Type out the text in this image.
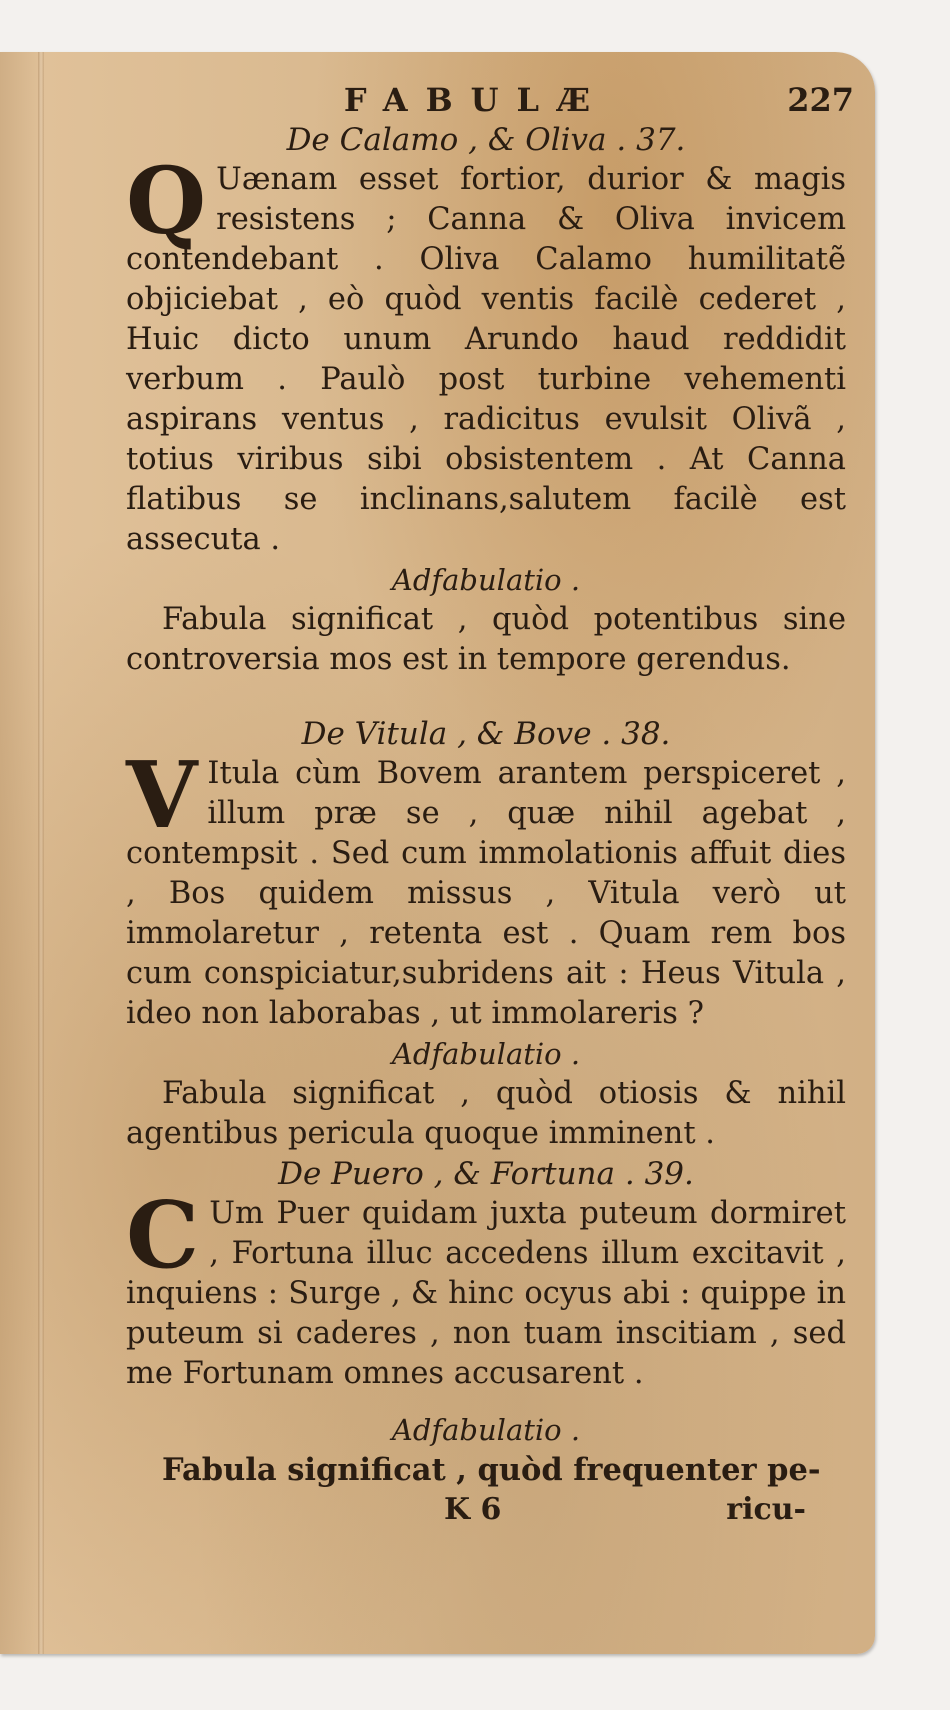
FABULÆ	227
De Calamo , & Oliva . 37.

Q Uænam esset fortior, durior & magis resistens ; Canna & Oliva invicem contendebant . Oliva Calamo humilitatẽ objiciebat , eò quòd ventis facilè cederet , Huic dicto unum Arundo haud reddidit verbum . Paulò post turbine vehementi aspirans ventus , radicitus evulsit Olivã , totius viribus sibi obsistentem . At Canna flatibus se inclinans,salutem facilè est assecuta .

Adfabulatio .

Fabula significat , quòd potentibus sine controversia mos est in tempore gerendus.

De Vitula , & Bove . 38.

V Itula cùm Bovem arantem perspiceret , illum præ se , quæ nihil agebat , contempsit . Sed cum immolationis affuit dies , Bos quidem missus , Vitula verò ut immolaretur , retenta est . Quam rem bos cum conspiciatur,subridens ait : Heus Vitula , ideo non laborabas , ut immolareris ?

Adfabulatio .

Fabula significat , quòd otiosis & nihil agentibus pericula quoque imminent .

De Puero , & Fortuna . 39.

C Um Puer quidam juxta puteum dormiret , Fortuna illuc accedens illum excitavit , inquiens : Surge , & hinc ocyus abi : quippe in puteum si caderes , non tuam inscitiam , sed me Fortunam omnes accusarent .

Adfabulatio .

Fabula significat , quòd frequenter pe-

K 6	ricu-
